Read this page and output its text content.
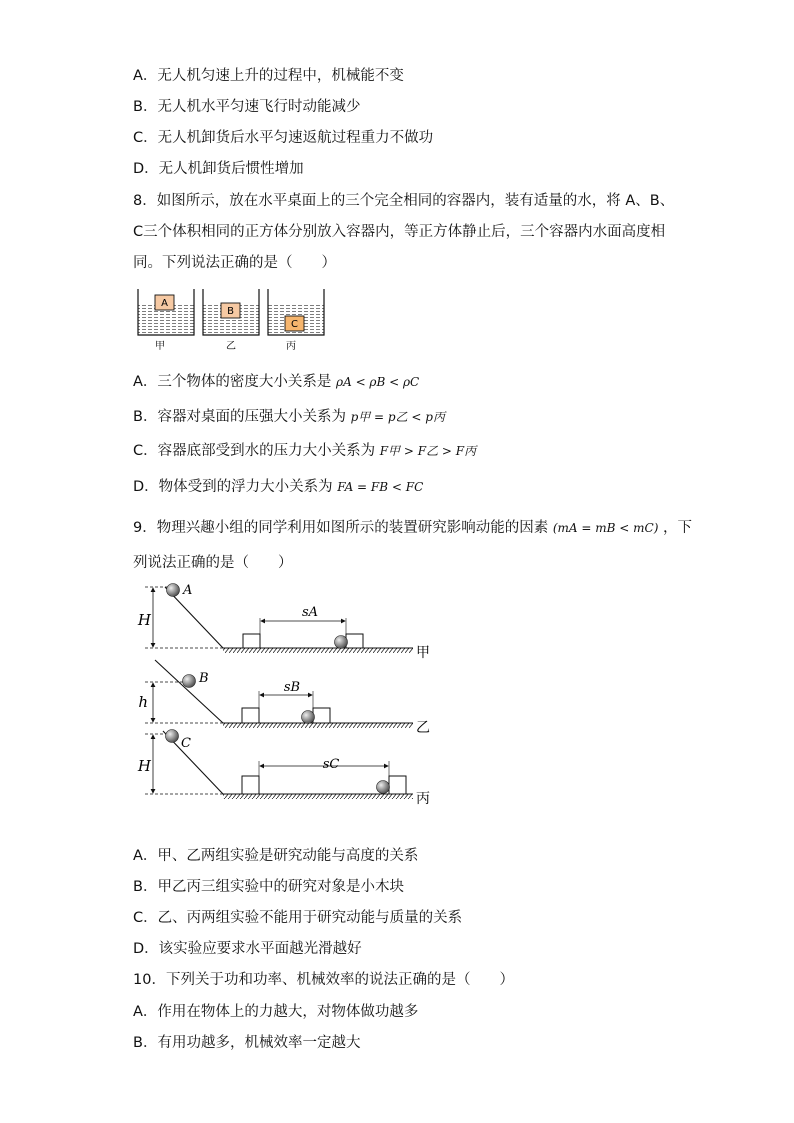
A．无人机匀速上升的过程中，机械能不变
B．无人机水平匀速飞行时动能减少
C．无人机卸货后水平匀速返航过程重力不做功
D．无人机卸货后惯性增加
8．如图所示，放在水平桌面上的三个完全相同的容器内，装有适量的水，将 A、B、
C三个体积相同的正方体分别放入容器内，等正方体静止后，三个容器内水面高度相
同。下列说法正确的是（　　）
A
甲
B
乙
C
丙
A．三个物体的密度大小关系是 ρA < ρB < ρC
B．容器对桌面的压强大小关系为 p甲 = p乙 < p丙
C．容器底部受到水的压力大小关系为 F甲 > F乙 > F丙
D．物体受到的浮力大小关系为 FA = FB < FC
9．物理兴趣小组的同学利用如图所示的装置研究影响动能的因素 (mA = mB < mC) ，下
列说法正确的是（　　）
H
A
sA
甲
h
B
sB
乙
H
C
sC
丙
A．甲、乙两组实验是研究动能与高度的关系
B．甲乙丙三组实验中的研究对象是小木块
C．乙、丙两组实验不能用于研究动能与质量的关系
D．该实验应要求水平面越光滑越好
10．下列关于功和功率、机械效率的说法正确的是（　　）
A．作用在物体上的力越大，对物体做功越多
B．有用功越多，机械效率一定越大
